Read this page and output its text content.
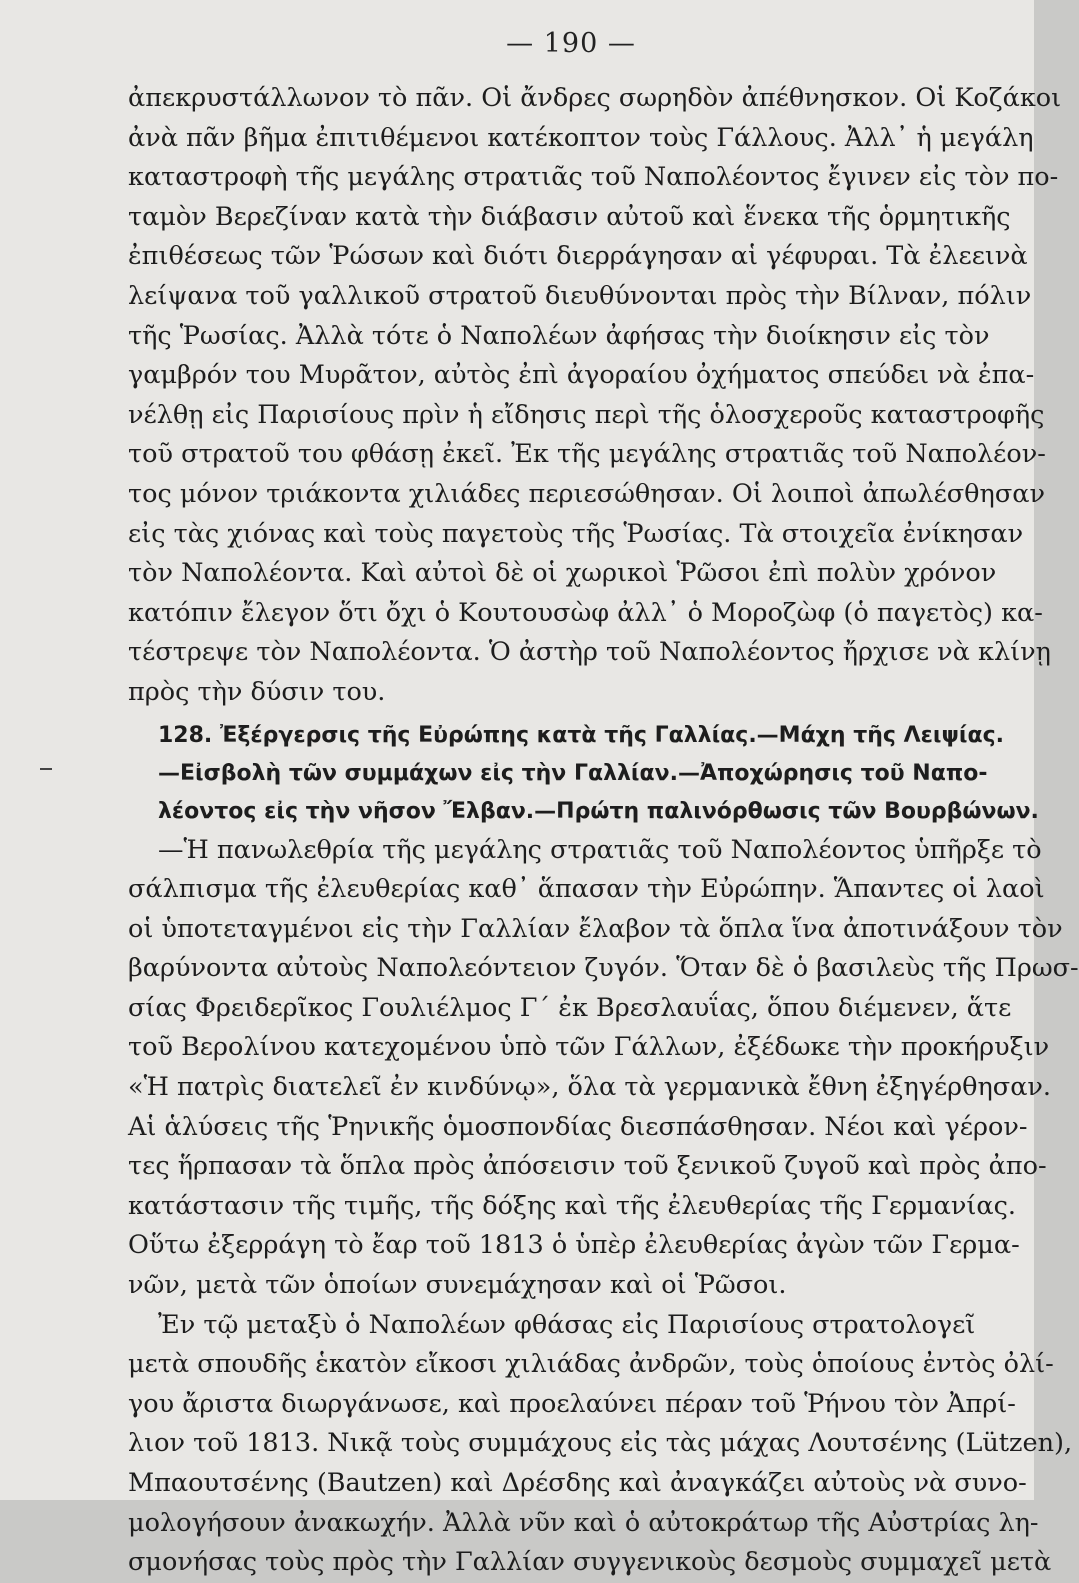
— 190 —
ἀπεκρυστάλλωνον τὸ πᾶν. Οἱ ἄνδρες σωρηδὸν ἀπέθνησκον. Οἱ Κοζάκοι
ἀνὰ πᾶν βῆμα ἐπιτιθέμενοι κατέκοπτον τοὺς Γάλλους. Ἀλλ᾽ ἡ μεγάλη
καταστροφὴ τῆς μεγάλης στρατιᾶς τοῦ Ναπολέοντος ἔγινεν εἰς τὸν πο-
ταμὸν Βερεζίναν κατὰ τὴν διάβασιν αὐτοῦ καὶ ἕνεκα τῆς ὁρμητικῆς
ἐπιθέσεως τῶν Ῥώσων καὶ διότι διερράγησαν αἱ γέφυραι. Τὰ ἐλεεινὰ
λείψανα τοῦ γαλλικοῦ στρατοῦ διευθύνονται πρὸς τὴν Βίλναν, πόλιν
τῆς Ῥωσίας. Ἀλλὰ τότε ὁ Ναπολέων ἀφήσας τὴν διοίκησιν εἰς τὸν
γαμβρόν του Μυρᾶτον, αὐτὸς ἐπὶ ἀγοραίου ὀχήματος σπεύδει νὰ ἐπα-
νέλθῃ εἰς Παρισίους πρὶν ἡ εἴδησις περὶ τῆς ὁλοσχεροῦς καταστροφῆς
τοῦ στρατοῦ του φθάσῃ ἐκεῖ. Ἐκ τῆς μεγάλης στρατιᾶς τοῦ Ναπολέον-
τος μόνον τριάκοντα χιλιάδες περιεσώθησαν. Οἱ λοιποὶ ἀπωλέσθησαν
εἰς τὰς χιόνας καὶ τοὺς παγετοὺς τῆς Ῥωσίας. Τὰ στοιχεῖα ἐνίκησαν
τὸν Ναπολέοντα. Καὶ αὐτοὶ δὲ οἱ χωρικοὶ Ῥῶσοι ἐπὶ πολὺν χρόνον
κατόπιν ἔλεγον ὅτι ὄχι ὁ Κουτουσὼφ ἀλλ᾽ ὁ Μοροζὼφ (ὁ παγετὸς) κα-
τέστρεψε τὸν Ναπολέοντα. Ὁ ἀστὴρ τοῦ Ναπολέοντος ἤρχισε νὰ κλίνῃ
πρὸς τὴν δύσιν του.
128. Ἐξέργερσις τῆς Εὐρώπης κατὰ τῆς Γαλλίας.—Μάχη τῆς Λειψίας.
—Εἰσβολὴ τῶν συμμάχων εἰς τὴν Γαλλίαν.—Ἀποχώρησις τοῦ Ναπο-
λέοντος εἰς τὴν νῆσον Ἔλβαν.—Πρώτη παλινόρθωσις τῶν Βουρβώνων.
—Ἡ πανωλεθρία τῆς μεγάλης στρατιᾶς τοῦ Ναπολέοντος ὑπῆρξε τὸ
σάλπισμα τῆς ἐλευθερίας καθ᾽ ἅπασαν τὴν Εὐρώπην. Ἅπαντες οἱ λαοὶ
οἱ ὑποτεταγμένοι εἰς τὴν Γαλλίαν ἔλαβον τὰ ὅπλα ἵνα ἀποτινάξουν τὸν
βαρύνοντα αὐτοὺς Ναπολεόντειον ζυγόν. Ὅταν δὲ ὁ βασιλεὺς τῆς Πρωσ-
σίας Φρειδερῖκος Γουλιέλμος Γ´ ἐκ Βρεσλαυΐας, ὅπου διέμενεν, ἅτε
τοῦ Βερολίνου κατεχομένου ὑπὸ τῶν Γάλλων, ἐξέδωκε τὴν προκήρυξιν
«Ἡ πατρὶς διατελεῖ ἐν κινδύνῳ», ὅλα τὰ γερμανικὰ ἔθνη ἐξηγέρθησαν.
Αἱ ἁλύσεις τῆς Ῥηνικῆς ὁμοσπονδίας διεσπάσθησαν. Νέοι καὶ γέρον-
τες ἥρπασαν τὰ ὅπλα πρὸς ἀπόσεισιν τοῦ ξενικοῦ ζυγοῦ καὶ πρὸς ἀπο-
κατάστασιν τῆς τιμῆς, τῆς δόξης καὶ τῆς ἐλευθερίας τῆς Γερμανίας.
Οὕτω ἐξερράγη τὸ ἔαρ τοῦ 1813 ὁ ὑπὲρ ἐλευθερίας ἀγὼν τῶν Γερμα-
νῶν, μετὰ τῶν ὁποίων συνεμάχησαν καὶ οἱ Ῥῶσοι.
Ἐν τῷ μεταξὺ ὁ Ναπολέων φθάσας εἰς Παρισίους στρατολογεῖ
μετὰ σπουδῆς ἑκατὸν εἴκοσι χιλιάδας ἀνδρῶν, τοὺς ὁποίους ἐντὸς ὀλί-
γου ἄριστα διωργάνωσε, καὶ προελαύνει πέραν τοῦ Ῥήνου τὸν Ἀπρί-
λιον τοῦ 1813. Νικᾷ τοὺς συμμάχους εἰς τὰς μάχας Λουτσένης (Lützen),
Μπαουτσένης (Bautzen) καὶ Δρέσδης καὶ ἀναγκάζει αὐτοὺς νὰ συνο-
μολογήσουν ἀνακωχήν. Ἀλλὰ νῦν καὶ ὁ αὐτοκράτωρ τῆς Αὐστρίας λη-
σμονήσας τοὺς πρὸς τὴν Γαλλίαν συγγενικοὺς δεσμοὺς συμμαχεῖ μετὰ
